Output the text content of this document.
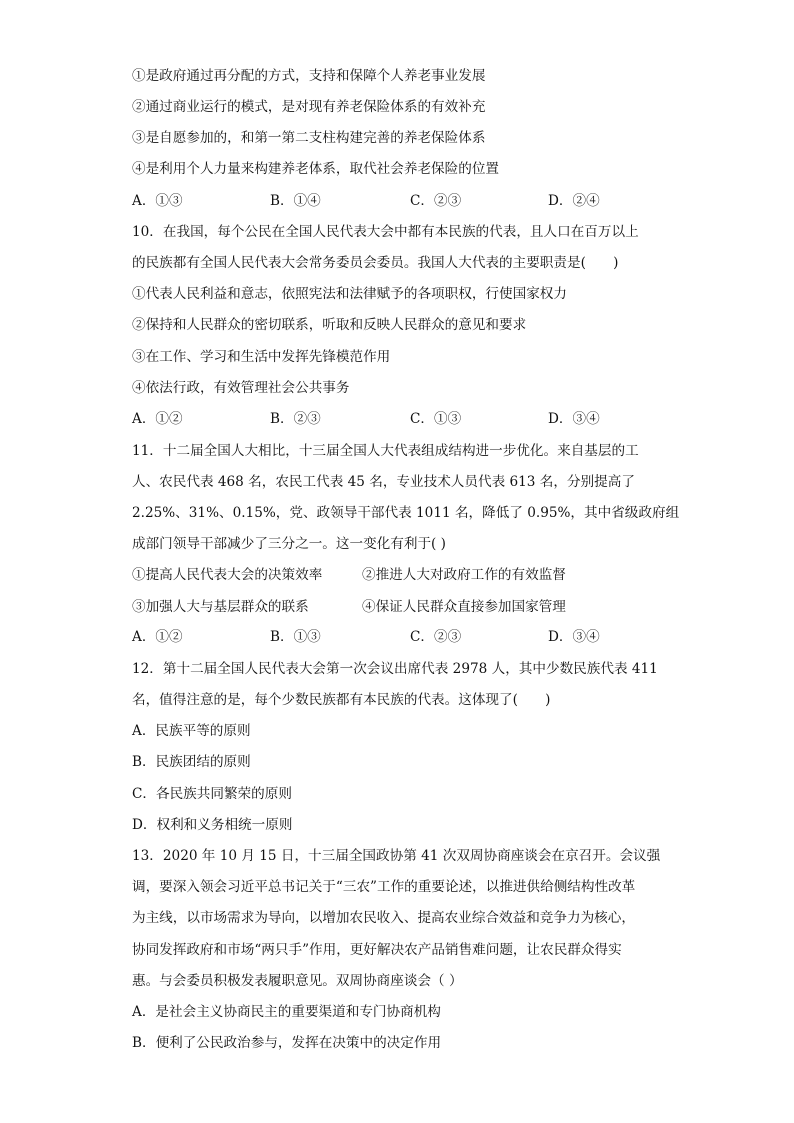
①是政府通过再分配的方式，支持和保障个人养老事业发展
②通过商业运行的模式，是对现有养老保险体系的有效补充
③是自愿参加的，和第一第二支柱构建完善的养老保险体系
④是利用个人力量来构建养老体系，取代社会养老保险的位置
A．①③	B．①④	C．②③	D．②④
10．在我国，每个公民在全国人民代表大会中都有本民族的代表，且人口在百万以上
的民族都有全国人民代表大会常务委员会委员。我国人大代表的主要职责是(　　)
①代表人民利益和意志，依照宪法和法律赋予的各项职权，行使国家权力
②保持和人民群众的密切联系，听取和反映人民群众的意见和要求
③在工作、学习和生活中发挥先锋模范作用
④依法行政，有效管理社会公共事务
A．①②	B．②③	C．①③	D．③④
11．十二届全国人大相比，十三届全国人大代表组成结构进一步优化。来自基层的工
人、农民代表 468 名，农民工代表 45 名，专业技术人员代表 613 名，分别提高了
2.25%、31%、0.15%，党、政领导干部代表 1011 名，降低了 0.95%，其中省级政府组
成部门领导干部减少了三分之一。这一变化有利于( )
①提高人民代表大会的决策效率	②推进人大对政府工作的有效监督
③加强人大与基层群众的联系	④保证人民群众直接参加国家管理
A．①②	B．①③	C．②③	D．③④
12．第十二届全国人民代表大会第一次会议出席代表 2978 人，其中少数民族代表 411
名，值得注意的是，每个少数民族都有本民族的代表。这体现了(　　)
A．民族平等的原则
B．民族团结的原则
C．各民族共同繁荣的原则
D．权利和义务相统一原则
13．2020 年 10 月 15 日，十三届全国政协第 41 次双周协商座谈会在京召开。会议强
调，要深入领会习近平总书记关于“三农”工作的重要论述，以推进供给侧结构性改革
为主线，以市场需求为导向，以增加农民收入、提高农业综合效益和竞争力为核心，
协同发挥政府和市场“两只手”作用，更好解决农产品销售难问题，让农民群众得实
惠。与会委员积极发表履职意见。双周协商座谈会（ ）
A．是社会主义协商民主的重要渠道和专门协商机构
B．便利了公民政治参与，发挥在决策中的决定作用
